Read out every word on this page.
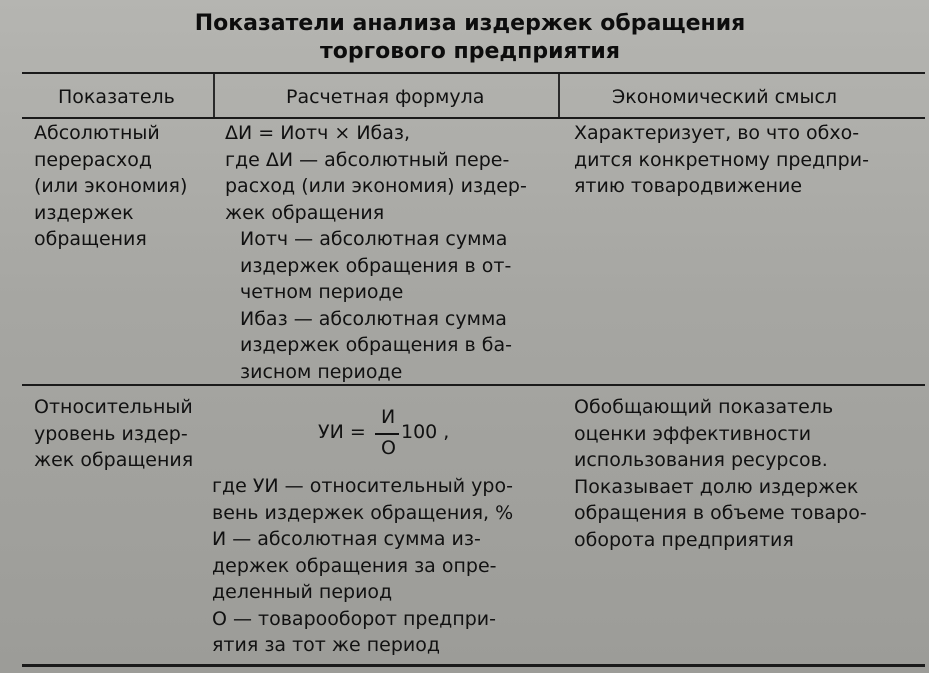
Показатели анализа издержек обращения
торгового предприятия
Показатель	Расчетная формула	Экономический смысл
Абсолютный
перерасход
(или экономия)
издержек
обращения
ΔИ = Иотч × Ибаз,
где ΔИ — абсолютный пере-
расход (или экономия) издер-
жек обращения
Иотч — абсолютная сумма
издержек обращения в от-
четном периоде
Ибаз — абсолютная сумма
издержек обращения в ба-
зисном периоде
Характеризует, во что обхо-
дится конкретному предпри-
ятию товародвижение
Относительный
уровень издер-
жек обращения
УИ =
И
О
100 ,
где УИ — относительный уро-
вень издержек обращения, %
И — абсолютная сумма из-
держек обращения за опре-
деленный период
О — товарооборот предпри-
ятия за тот же период
Обобщающий показатель
оценки эффективности
использования ресурсов.
Показывает долю издержек
обращения в объеме товаро-
оборота предприятия
